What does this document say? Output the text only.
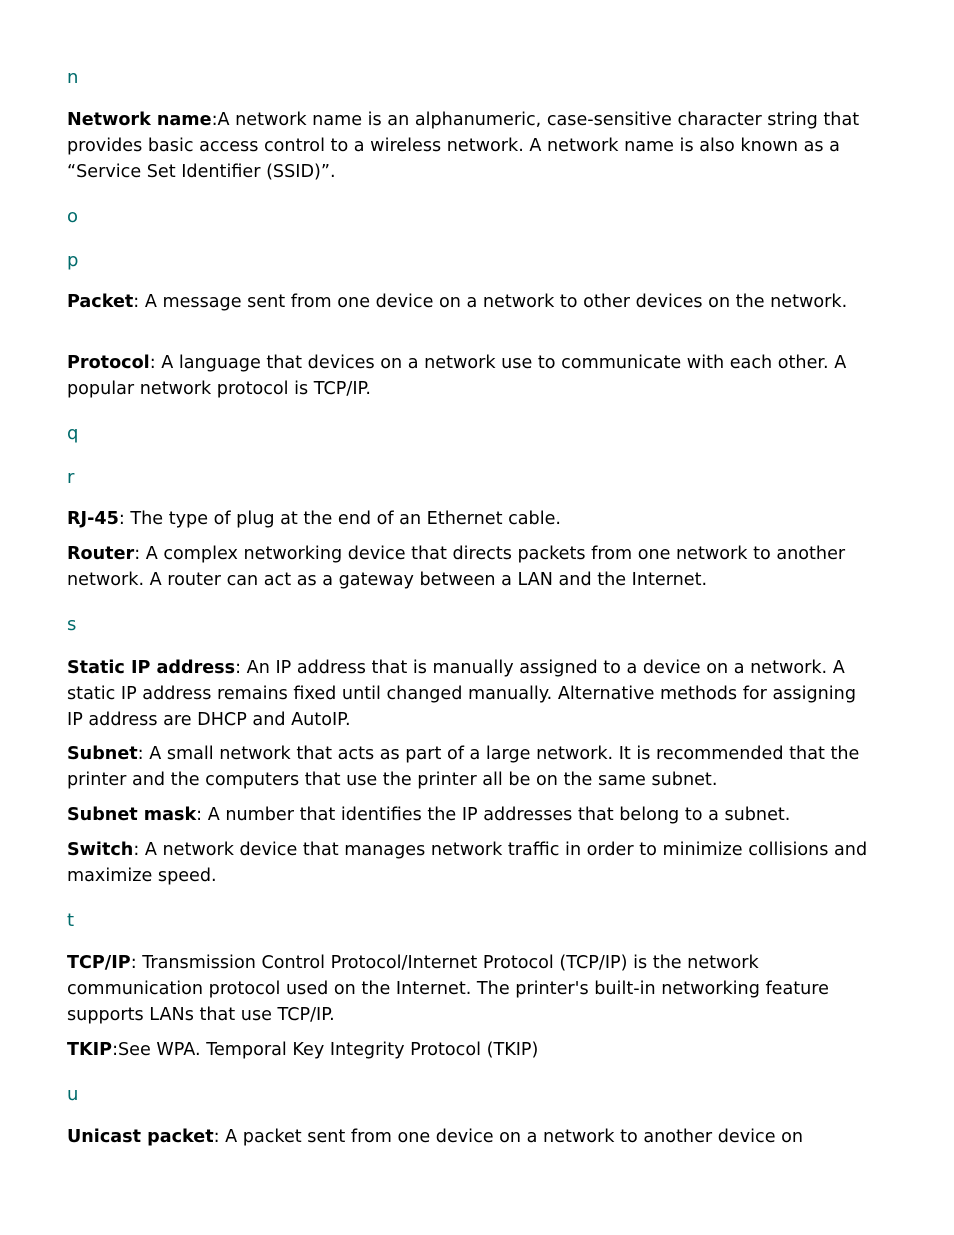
n
Network name:A network name is an alphanumeric, case-sensitive character string that provides basic access control to a wireless network. A network name is also known as a “Service Set Identifier (SSID)”.
o
p
Packet: A message sent from one device on a network to other devices on the network.
Protocol: A language that devices on a network use to communicate with each other. A popular network protocol is TCP/IP.
q
r
RJ-45: The type of plug at the end of an Ethernet cable.
Router: A complex networking device that directs packets from one network to another network. A router can act as a gateway between a LAN and the Internet.
s
Static IP address: An IP address that is manually assigned to a device on a network. A static IP address remains fixed until changed manually. Alternative methods for assigning IP address are DHCP and AutoIP.
Subnet: A small network that acts as part of a large network. It is recommended that the printer and the computers that use the printer all be on the same subnet.
Subnet mask: A number that identifies the IP addresses that belong to a subnet.
Switch: A network device that manages network traffic in order to minimize collisions and maximize speed.
t
TCP/IP: Transmission Control Protocol/Internet Protocol (TCP/IP) is the network communication protocol used on the Internet. The printer's built-in networking feature supports LANs that use TCP/IP.
TKIP:See WPA. Temporal Key Integrity Protocol (TKIP)
u
Unicast packet: A packet sent from one device on a network to another device on
